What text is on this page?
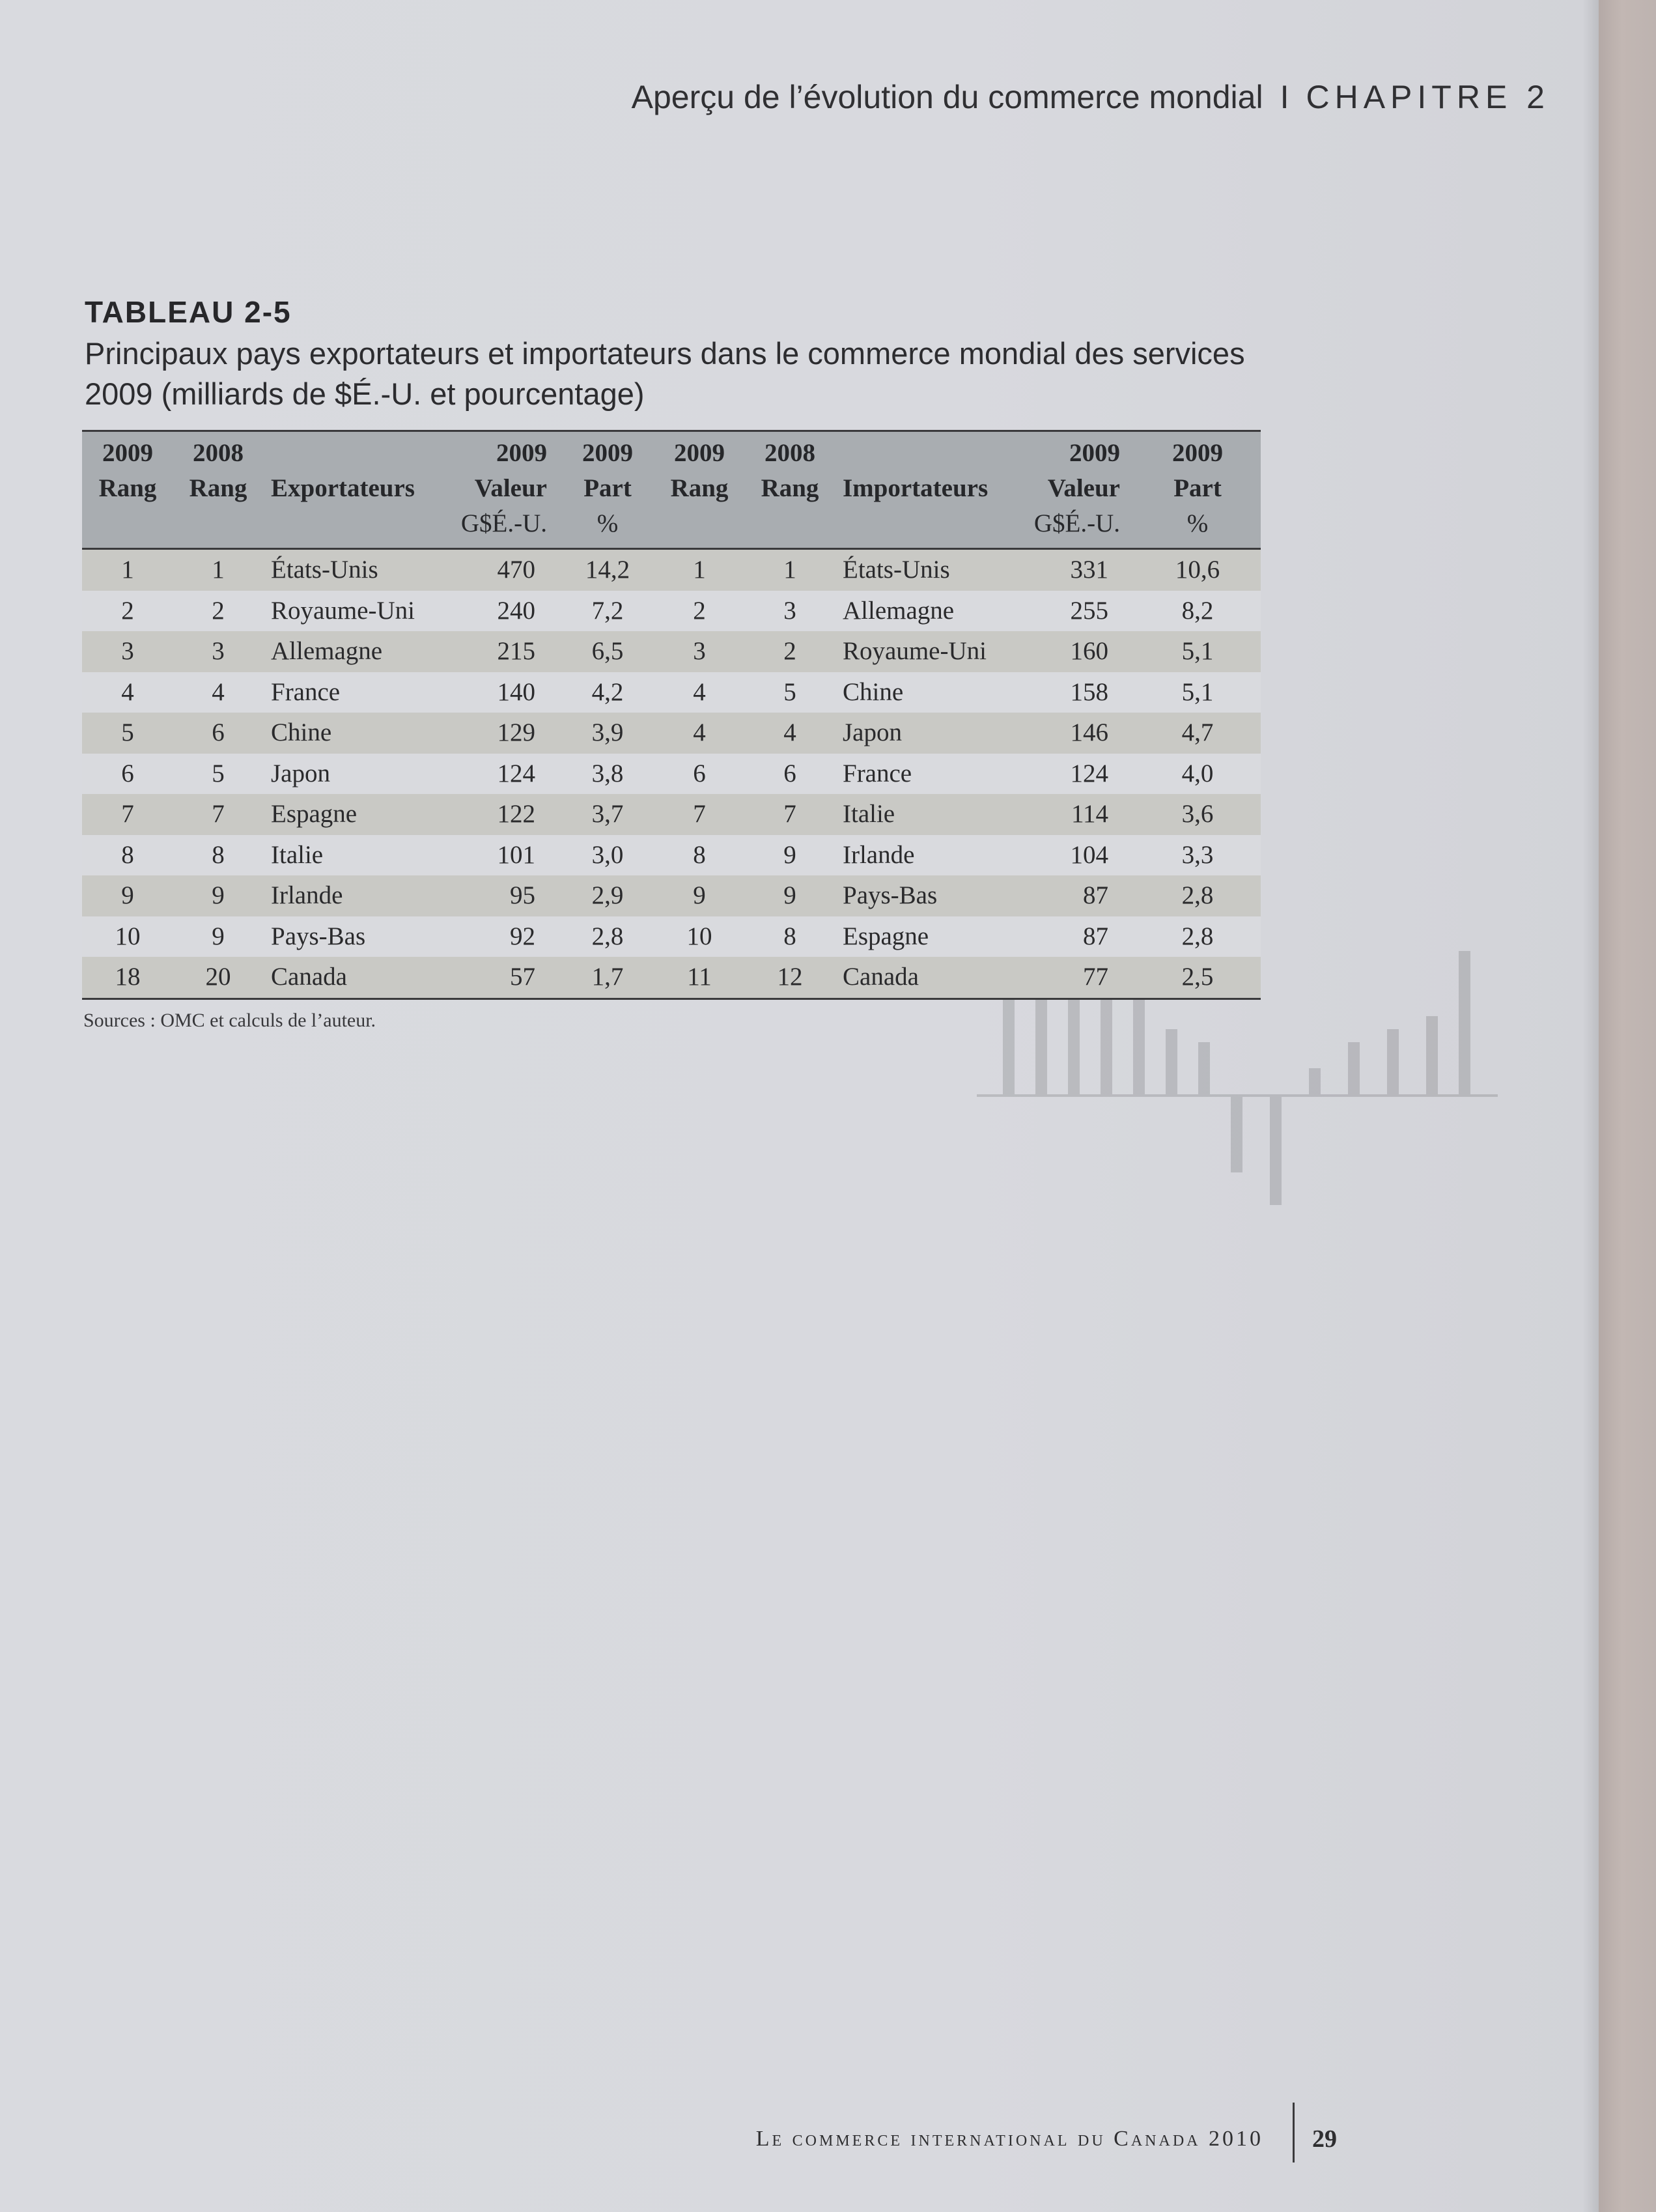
Aperçu de l’évolution du commerce mondial I CHAPITRE 2
TABLEAU 2-5
Principaux pays exportateurs et importateurs dans le commerce mondial des services 2009 (milliards de $É.-U. et pourcentage)
2009	2008		2009	2009	2009	2008		2009	2009
Rang	Rang	Exportateurs	Valeur	Part	Rang	Rang	Importateurs	Valeur	Part
			G$É.-U.	%				G$É.-U.	%
1	1	États-Unis	470	14,2	1	1	États-Unis	331	10,6
2	2	Royaume-Uni	240	7,2	2	3	Allemagne	255	8,2
3	3	Allemagne	215	6,5	3	2	Royaume-Uni	160	5,1
4	4	France	140	4,2	4	5	Chine	158	5,1
5	6	Chine	129	3,9	4	4	Japon	146	4,7
6	5	Japon	124	3,8	6	6	France	124	4,0
7	7	Espagne	122	3,7	7	7	Italie	114	3,6
8	8	Italie	101	3,0	8	9	Irlande	104	3,3
9	9	Irlande	95	2,9	9	9	Pays-Bas	87	2,8
10	9	Pays-Bas	92	2,8	10	8	Espagne	87	2,8
18	20	Canada	57	1,7	11	12	Canada	77	2,5
Sources : OMC et calculs de l’auteur.
Le commerce international du Canada 2010 29
